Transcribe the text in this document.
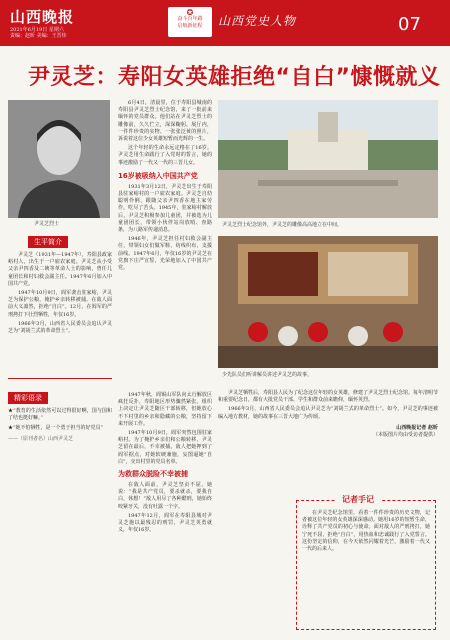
山西晚报
2021年6月19日 星期六
责编：赵昕 美编：王晋炜
✪
奋斗百年路
启航新征程	山西党史人物	07
尹灵芝：寿阳女英雄拒绝“自白”慷慨就义
尹灵芝烈士
生平简介

尹灵芝（1931年—1947年），寿阳县政家峪村人，出生于一户雇农家庭。尹灵芝从小受父亲尹四香及二姨等革命人士的影响，曾任儿童团长和村妇救会副主任。1947年6月加入中国共产党。

1947年10月9日，阎军袭击驻家峪，尹灵芝为保护公粮，掩护乡亲转移被捕。在敌人面前大义凛然，拒绝“自白”。12月，在阎军的严刑拷打下壮烈牺牲，年仅16岁。

1966年3月，山西省人民委员会追认尹灵芝为“刘胡兰式的革命烈士”。

精彩语录

★“教育的生活依然可以过得很好啊，国与国和了结也挺好嘛。”

★“她不怕牺牲，是一个勇于担当的好党员”

——（原刊者名）山西尹灵芝

6月4日，清晨里，位于寿阳县城南的寿阳县尹灵芝烈士纪念馆，来了一批前来缅怀的党员群众。他们站在尹灵芝烈士的雕像前，久久伫立，深深鞠躬。展厅内，一件件珍贵的实物、一张张泛黄的照片，诉说着这位少女英雄短暂而光辉的一生。

这个年轻的生命永远定格在了16岁。尹灵芝用生命践行了入党时的誓言，她的事迹激励了一代又一代的三晋儿女。

16岁被吸纳入中国共产党

1931年3月12日，尹灵芝出生于寿阳县驻家峪村的一户雇农家庭。尹灵芝自幼聪明伶俐，跟随父亲尹四香在地主家劳作，吃尽了苦头。1945年，驻家峪村解放后，尹灵芝积极参加儿童团，并被选为儿童团团长，带领小伙伴站岗放哨、查路条，为八路军传递消息。

1946年，尹灵芝担任村妇救会副主任，带领妇女们做军鞋、纺线织布，支援前线。1947年6月，年仅16岁的尹灵芝在党旗下庄严宣誓，光荣地加入了中国共产党。

1947年秋，阎锡山军队向太行解放区疯狂反扑，寿阳地区形势骤然紧张。组织上决定让尹灵芝随区干部转移，但她放心不下村里的乡亲和隐藏的公粮，坚持留下来开展工作。

1947年10月9日，阎军突然包围驻家峪村。为了掩护乡亲们和公粮转移，尹灵芝留在最后，不幸被捕。敌人把她押到了阎军据点，对她软硬兼施，妄图逼她“自白”，交出村里的党员名单。

为救群众脱险不幸被捕

在敌人面前，尹灵芝坚贞不屈，她说：“我是共产党员，要杀就杀，要我自白，休想！”敌人用尽了各种酷刑，她始终咬紧牙关，没有吐露一个字。

1947年12月，阎军在寿阳县城对尹灵芝施以最残忍的刑罚，尹灵芝英勇就义，年仅16岁。

尹灵芝烈士纪念馆外，尹灵芝的雕像高高地立在中间。
少先队员们听讲解员讲述尹灵芝的故事。

尹灵芝牺牲后，寿阳县人民为了纪念这位年轻的女英雄，修建了尹灵芝烈士纪念馆。每年清明节和重要纪念日，都有大批党员干部、学生和群众前来瞻仰，缅怀英烈。

1966年3月，山西省人民委员会追认尹灵芝为“刘胡兰式的革命烈士”。如今，尹灵芝的事迹被编入地方教材，她的故事在三晋大地广为传颂。

山西晚报记者 赵昕
（本版图片均由受访者提供）
记者手记
在尹灵芝纪念馆里，看着一件件珍贵的历史文物，记者被这位年轻的女英雄深深感动。她用16岁的短暂生命，诠释了共产党员的初心与使命。面对敌人的严刑拷打，她宁死不屈，拒绝“自白”，用热血和忠诚践行了入党誓言。这份坚定的信仰，在今天依然闪耀着光芒，激励着一代又一代的后来人。
